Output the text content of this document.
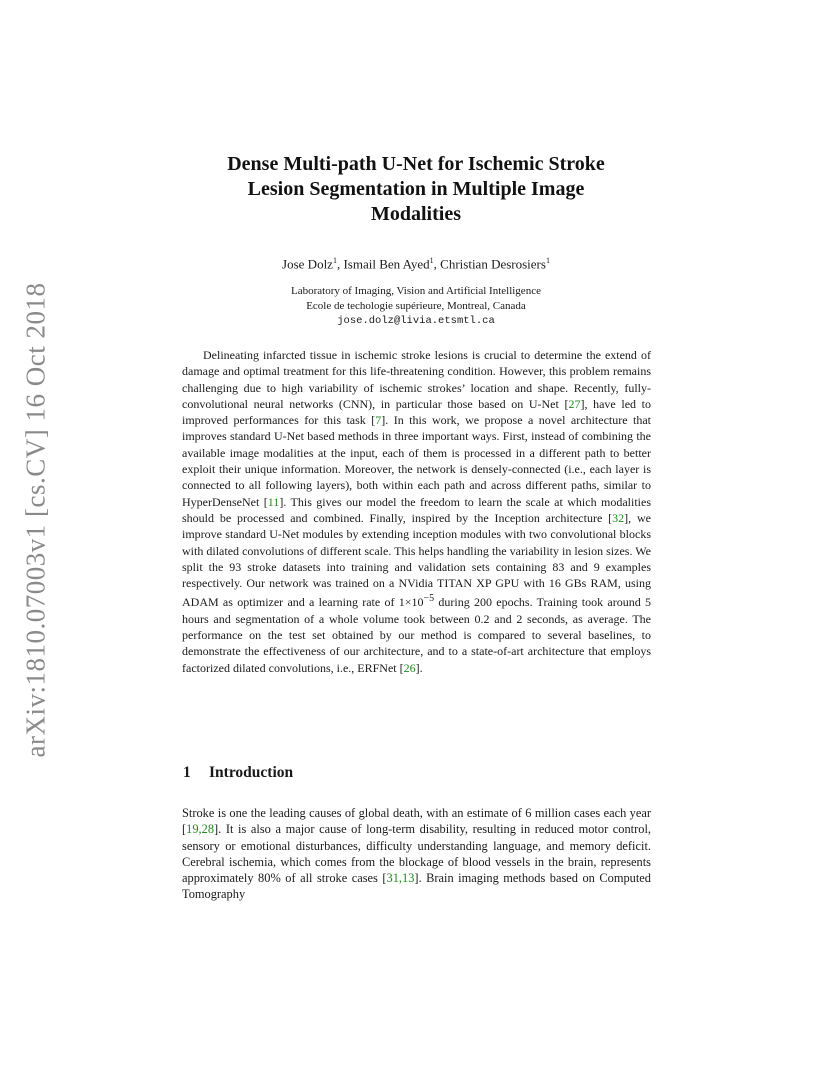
arXiv:1810.07003v1 [cs.CV] 16 Oct 2018
Dense Multi-path U-Net for Ischemic Stroke
Lesion Segmentation in Multiple Image
Modalities
Jose Dolz$^1$, Ismail Ben Ayed$^1$, Christian Desrosiers$^1$
Laboratory of Imaging, Vision and Artificial Intelligence
Ecole de techologie supérieure, Montreal, Canada
jose.dolz@livia.etsmtl.ca
Delineating infarcted tissue in ischemic stroke lesions is crucial to determine the extend of damage and optimal treatment for this life-threatening condition. However, this problem remains challenging due to high variability of ischemic strokes’ location and shape. Recently, fully-convolutional neural networks (CNN), in particular those based on U-Net [ 27 ] , have led to improved performances for this task [ 7 ] . In this work, we propose a novel architecture that improves standard U-Net based methods in three important ways. First, instead of combining the available image modalities at the input, each of them is processed in a different path to better exploit their unique information. Moreover, the network is densely-connected (i.e., each layer is connected to all following layers), both within each path and across different paths, similar to HyperDenseNet [ 11 ] . This gives our model the freedom to learn the scale at which modalities should be processed and combined. Finally, inspired by the Inception architecture [ 32 ] , we improve standard U-Net modules by extending inception modules with two convolutional blocks with dilated convolutions of different scale. This helps handling the variability in lesion sizes. We split the 93 stroke datasets into training and validation sets containing 83 and 9 examples respectively. Our network was trained on a NVidia TITAN XP GPU with 16 GBs RAM, using ADAM as optimizer and a learning rate of $1\times 10^{-5}$ during 200 epochs. Training took around 5 hours and segmentation of a whole volume took between 0.2 and 2 seconds, as average. The performance on the test set obtained by our method is compared to several baselines, to demonstrate the effectiveness of our architecture, and to a state-of-art architecture that employs factorized dilated convolutions, i.e., ERFNet [ 26 ] .
1 Introduction
Stroke is one the leading causes of global death, with an estimate of 6 million cases each year [ 19,28 ] . It is also a major cause of long-term disability, resulting in reduced motor control, sensory or emotional disturbances, difficulty understanding language, and memory deficit. Cerebral ischemia, which comes from the blockage of blood vessels in the brain, represents approximately 80% of all stroke cases [ 31,13 ] . Brain imaging methods based on Computed Tomography
